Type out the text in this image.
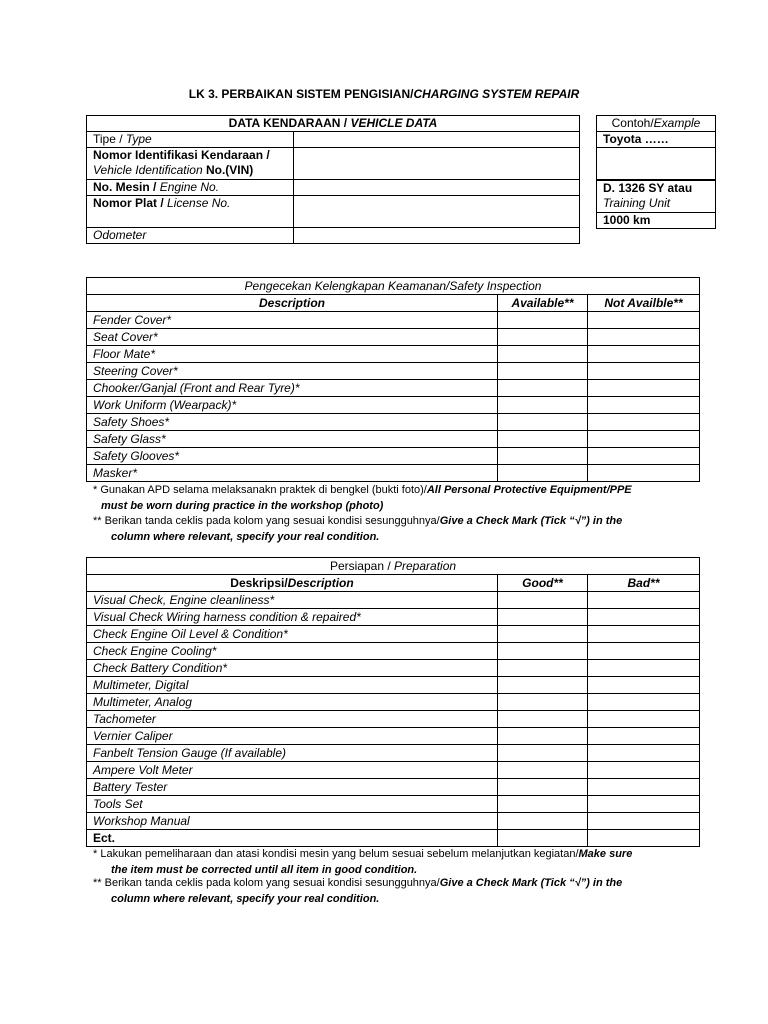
LK 3. PERBAIKAN SISTEM PENGISIAN/CHARGING SYSTEM REPAIR
DATA KENDARAAN / VEHICLE DATA	
Tipe / Type	
Nomor Identifikasi Kendaraan /
Vehicle Identification No.(VIN)	
No. Mesin / Engine No.	
Nomor Plat / License No.	
Odometer	
Contoh/Example
Toyota ……

D. 1326 SY atau
Training Unit
1000 km
Pengecekan Kelengkapan Keamanan/Safety Inspection		
Description	Available**	Not Availble**
Fender Cover*		
Seat Cover*		
Floor Mate*		
Steering Cover*		
Chooker/Ganjal (Front and Rear Tyre)*		
Work Uniform (Wearpack)*		
Safety Shoes*		
Safety Glass*		
Safety Glooves*		
Masker*		
* Gunakan APD selama melaksanakn praktek di bengkel (bukti foto)/All Personal Protective Equipment/PPE
must be worn during practice in the workshop (photo)
** Berikan tanda ceklis pada kolom yang sesuai kondisi sesungguhnya/Give a Check Mark (Tick “√”) in the
column where relevant, specify your real condition.
Persiapan / Preparation		
Deskripsi/Description	Good**	Bad**
Visual Check, Engine cleanliness*		
Visual Check Wiring harness condition & repaired*		
Check Engine Oil Level & Condition*		
Check Engine Cooling*		
Check Battery Condition*		
Multimeter, Digital		
Multimeter, Analog		
Tachometer		
Vernier Caliper		
Fanbelt Tension Gauge (If available)		
Ampere Volt Meter		
Battery Tester		
Tools Set		
Workshop Manual		
Ect.		
* Lakukan pemeliharaan dan atasi kondisi mesin yang belum sesuai sebelum melanjutkan kegiatan/Make sure
the item must be corrected until all item in good condition.
** Berikan tanda ceklis pada kolom yang sesuai kondisi sesungguhnya/Give a Check Mark (Tick “√”) in the
column where relevant, specify your real condition.
